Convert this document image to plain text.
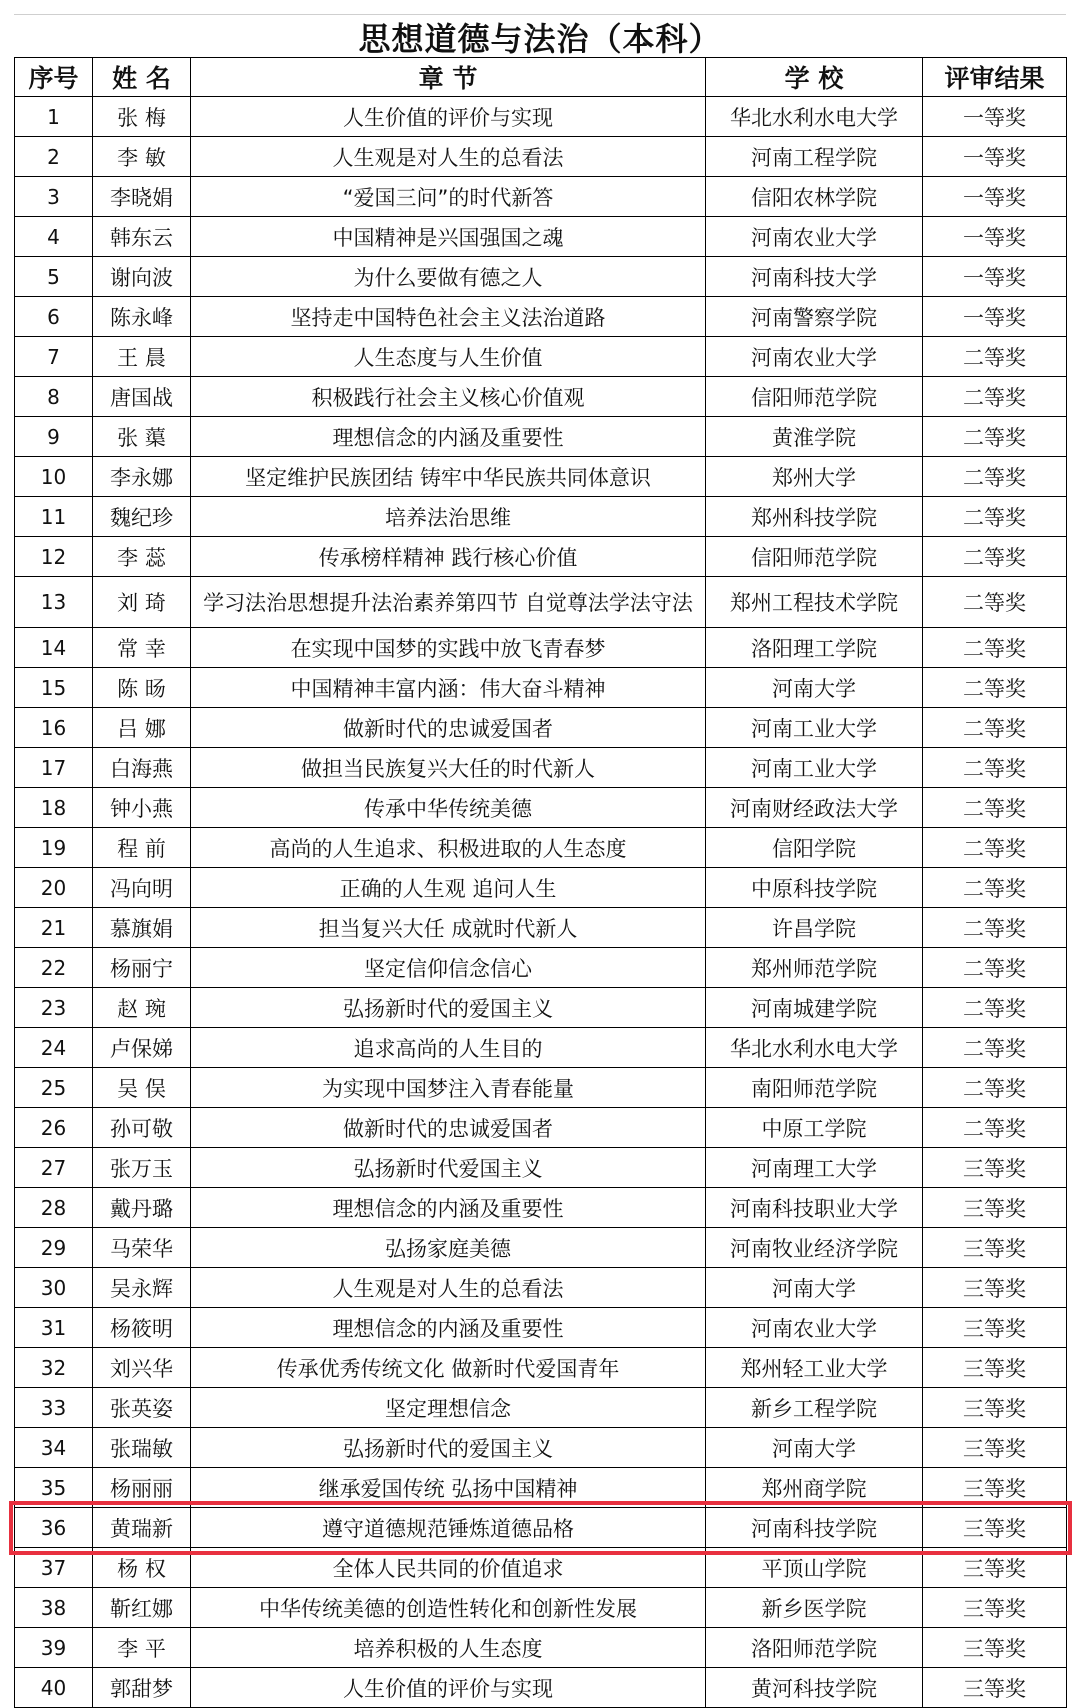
思想道德与法治（本科）
序号	姓 名	章 节	学 校	评审结果
1	张 梅	人生价值的评价与实现	华北水利水电大学	一等奖
2	李 敏	人生观是对人生的总看法	河南工程学院	一等奖
3	李晓娟	“爱国三问”的时代新答	信阳农林学院	一等奖
4	韩东云	中国精神是兴国强国之魂	河南农业大学	一等奖
5	谢向波	为什么要做有德之人	河南科技大学	一等奖
6	陈永峰	坚持走中国特色社会主义法治道路	河南警察学院	一等奖
7	王 晨	人生态度与人生价值	河南农业大学	二等奖
8	唐国战	积极践行社会主义核心价值观	信阳师范学院	二等奖
9	张 蕖	理想信念的内涵及重要性	黄淮学院	二等奖
10	李永娜	坚定维护民族团结 铸牢中华民族共同体意识	郑州大学	二等奖
11	魏纪珍	培养法治思维	郑州科技学院	二等奖
12	李 蕊	传承榜样精神 践行核心价值	信阳师范学院	二等奖
13	刘 琦	学习法治思想提升法治素养第四节 自觉尊法学法守法	郑州工程技术学院	二等奖
14	常 幸	在实现中国梦的实践中放飞青春梦	洛阳理工学院	二等奖
15	陈 旸	中国精神丰富内涵：伟大奋斗精神	河南大学	二等奖
16	吕 娜	做新时代的忠诚爱国者	河南工业大学	二等奖
17	白海燕	做担当民族复兴大任的时代新人	河南工业大学	二等奖
18	钟小燕	传承中华传统美德	河南财经政法大学	二等奖
19	程 前	高尚的人生追求、积极进取的人生态度	信阳学院	二等奖
20	冯向明	正确的人生观 追问人生	中原科技学院	二等奖
21	慕旗娟	担当复兴大任 成就时代新人	许昌学院	二等奖
22	杨丽宁	坚定信仰信念信心	郑州师范学院	二等奖
23	赵 琬	弘扬新时代的爱国主义	河南城建学院	二等奖
24	卢保娣	追求高尚的人生目的	华北水利水电大学	二等奖
25	吴 俣	为实现中国梦注入青春能量	南阳师范学院	二等奖
26	孙可敬	做新时代的忠诚爱国者	中原工学院	二等奖
27	张万玉	弘扬新时代爱国主义	河南理工大学	三等奖
28	戴丹璐	理想信念的内涵及重要性	河南科技职业大学	三等奖
29	马荣华	弘扬家庭美德	河南牧业经济学院	三等奖
30	吴永辉	人生观是对人生的总看法	河南大学	三等奖
31	杨筱明	理想信念的内涵及重要性	河南农业大学	三等奖
32	刘兴华	传承优秀传统文化 做新时代爱国青年	郑州轻工业大学	三等奖
33	张英姿	坚定理想信念	新乡工程学院	三等奖
34	张瑞敏	弘扬新时代的爱国主义	河南大学	三等奖
35	杨丽丽	继承爱国传统 弘扬中国精神	郑州商学院	三等奖
36	黄瑞新	遵守道德规范锤炼道德品格	河南科技学院	三等奖
37	杨 权	全体人民共同的价值追求	平顶山学院	三等奖
38	靳红娜	中华传统美德的创造性转化和创新性发展	新乡医学院	三等奖
39	李 平	培养积极的人生态度	洛阳师范学院	三等奖
40	郭甜梦	人生价值的评价与实现	黄河科技学院	三等奖
